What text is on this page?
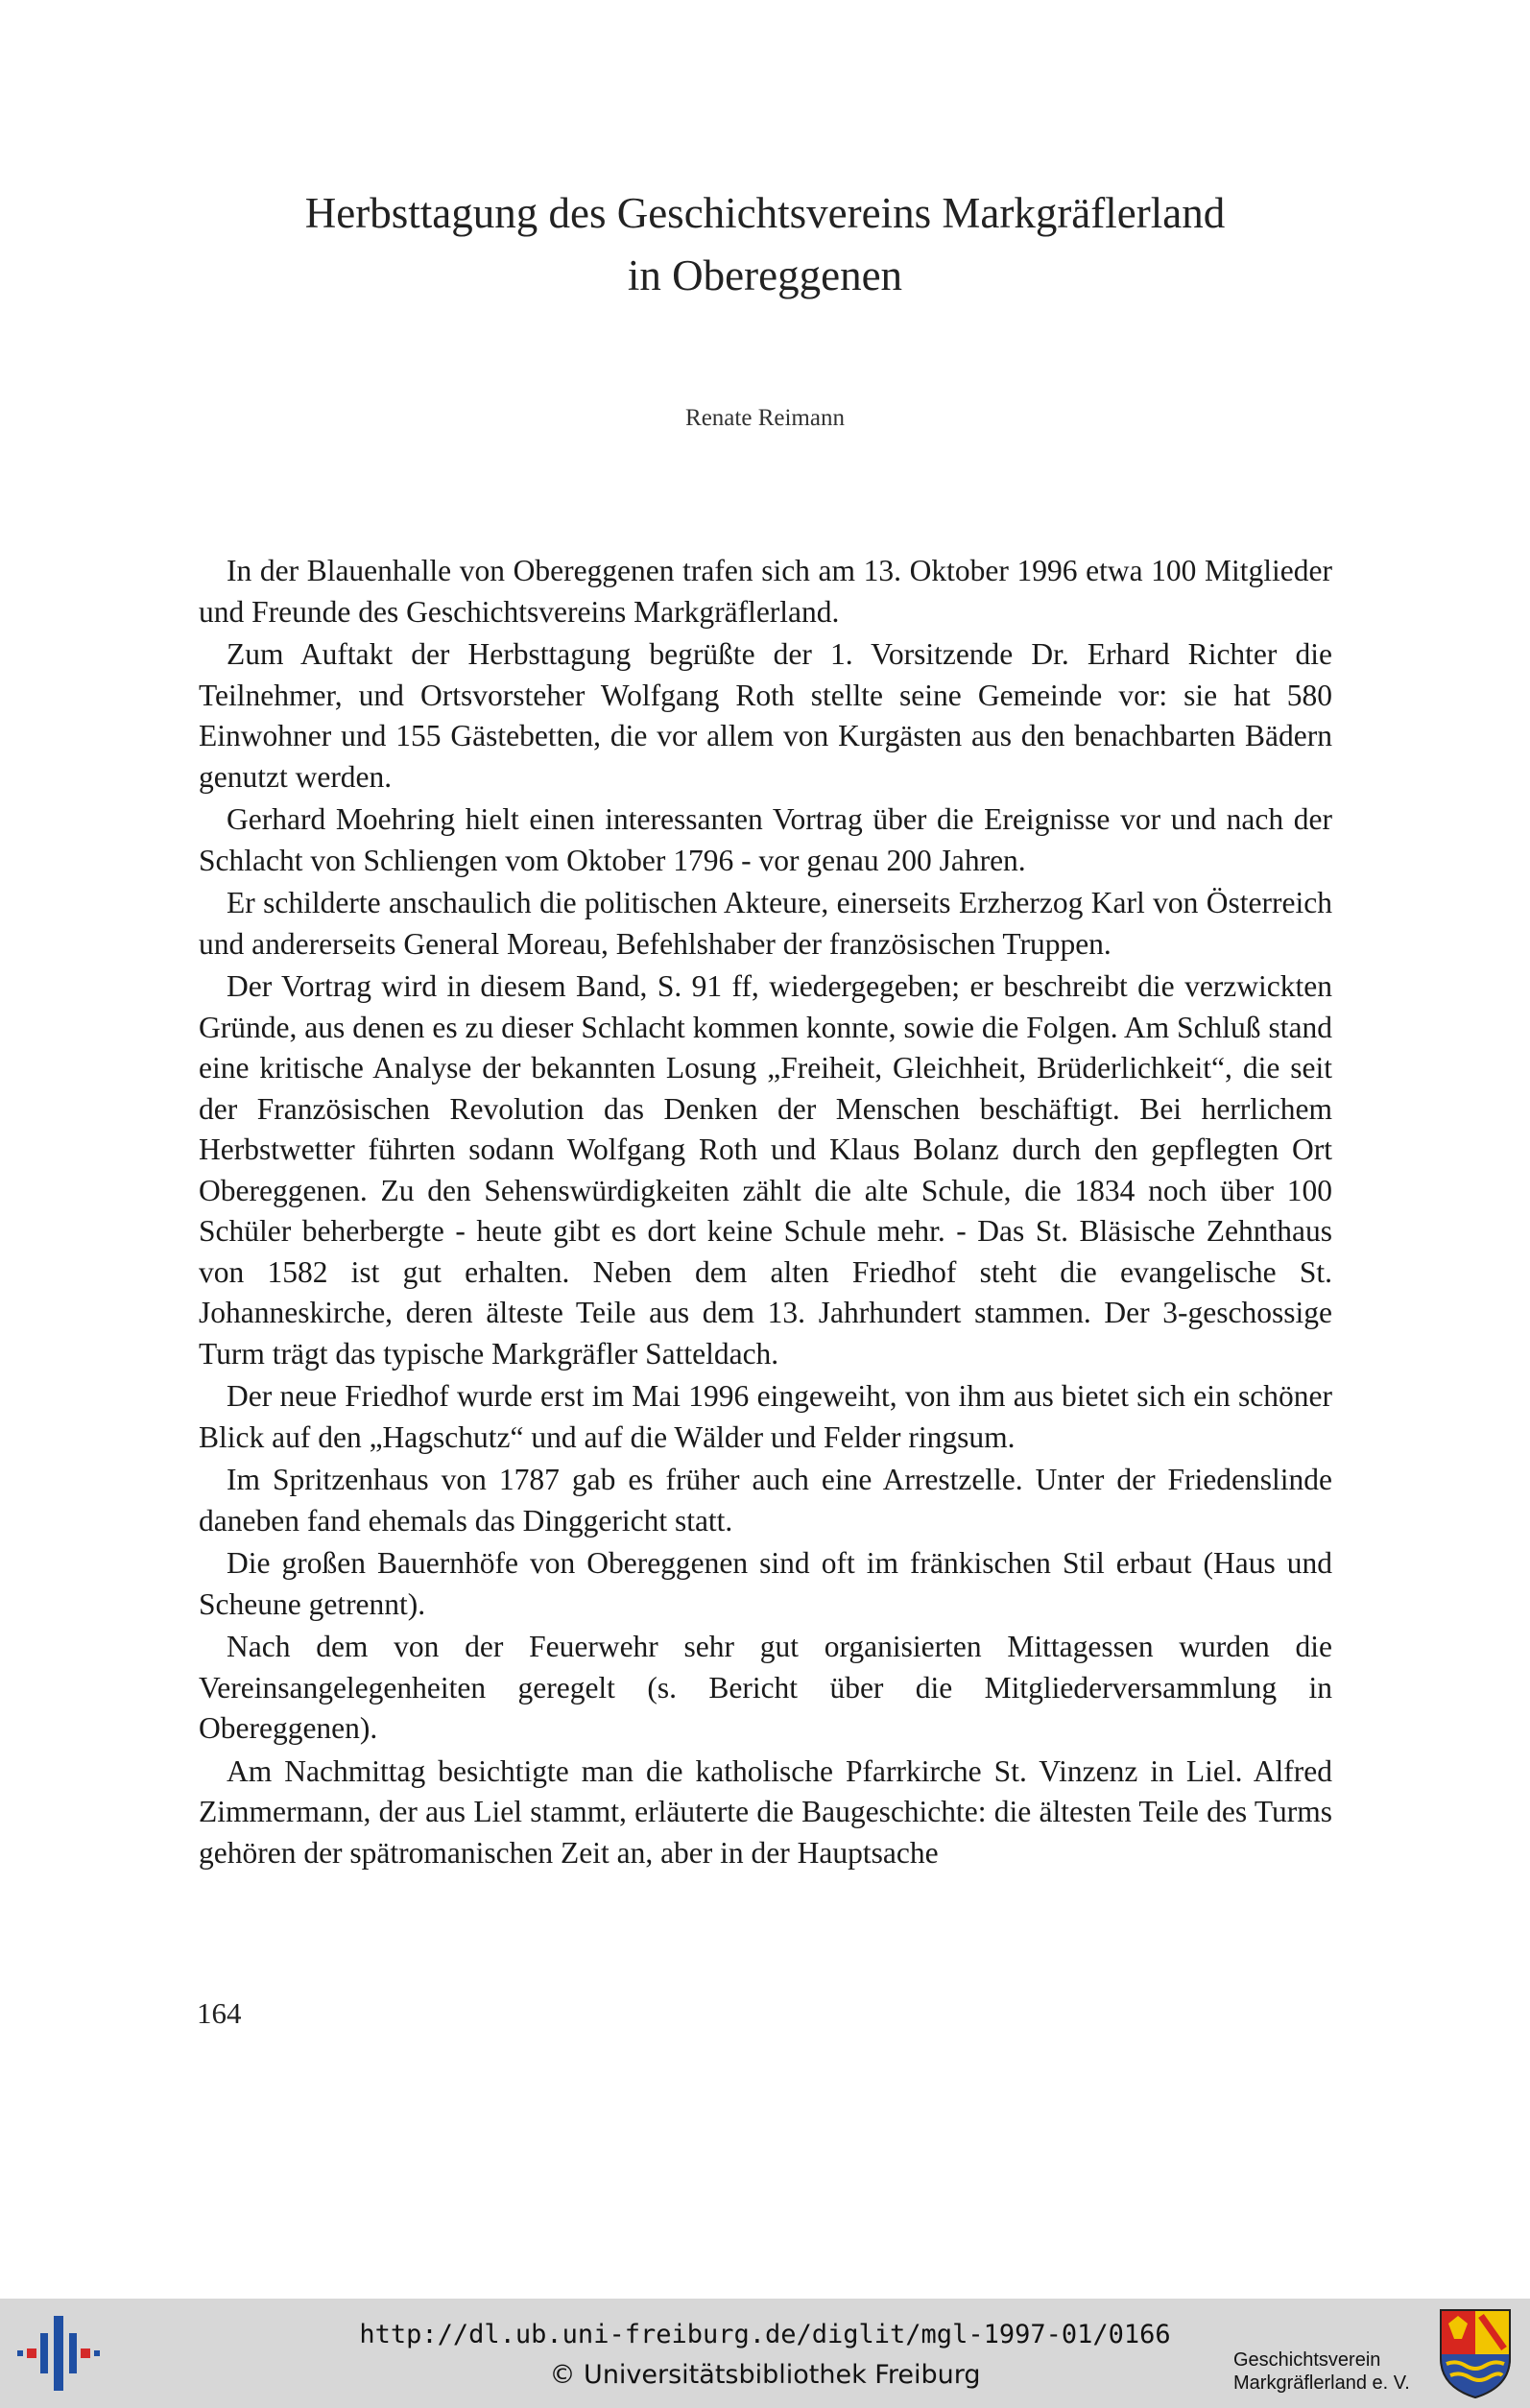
Herbsttagung des Geschichtsvereins Markgräflerland
in Obereggenen
Renate Reimann

In der Blauenhalle von Obereggenen trafen sich am 13. Oktober 1996 etwa 100 Mitglieder und Freunde des Geschichtsvereins Markgräflerland.

Zum Auftakt der Herbsttagung begrüßte der 1. Vorsitzende Dr. Erhard Richter die Teilnehmer, und Ortsvorsteher Wolfgang Roth stellte seine Gemeinde vor: sie hat 580 Einwohner und 155 Gästebetten, die vor allem von Kurgästen aus den benachbarten Bädern genutzt werden.

Gerhard Moehring hielt einen interessanten Vortrag über die Ereignisse vor und nach der Schlacht von Schliengen vom Oktober 1796 - vor genau 200 Jahren.

Er schilderte anschaulich die politischen Akteure, einerseits Erzherzog Karl von Österreich und andererseits General Moreau, Befehlshaber der französischen Truppen.

Der Vortrag wird in diesem Band, S. 91 ff, wiedergegeben; er beschreibt die verzwickten Gründe, aus denen es zu dieser Schlacht kommen konnte, sowie die Folgen. Am Schluß stand eine kritische Analyse der bekannten Losung „Freiheit, Gleichheit, Brüderlichkeit“, die seit der Französischen Revolution das Denken der Menschen beschäftigt. Bei herrlichem Herbstwetter führten sodann Wolfgang Roth und Klaus Bolanz durch den gepflegten Ort Obereggenen. Zu den Sehenswürdigkeiten zählt die alte Schule, die 1834 noch über 100 Schüler beherbergte - heute gibt es dort keine Schule mehr. - Das St. Bläsische Zehnthaus von 1582 ist gut erhalten. Neben dem alten Friedhof steht die evangelische St. Johanneskirche, deren älteste Teile aus dem 13. Jahrhundert stammen. Der 3-geschossige Turm trägt das typische Markgräfler Satteldach.

Der neue Friedhof wurde erst im Mai 1996 eingeweiht, von ihm aus bietet sich ein schöner Blick auf den „Hagschutz“ und auf die Wälder und Felder ringsum.

Im Spritzenhaus von 1787 gab es früher auch eine Arrestzelle. Unter der Friedenslinde daneben fand ehemals das Dinggericht statt.

Die großen Bauernhöfe von Obereggenen sind oft im fränkischen Stil erbaut (Haus und Scheune getrennt).

Nach dem von der Feuerwehr sehr gut organisierten Mittagessen wurden die Vereinsangelegenheiten geregelt (s. Bericht über die Mitgliederversammlung in Obereggenen).

Am Nachmittag besichtigte man die katholische Pfarrkirche St. Vinzenz in Liel. Alfred Zimmermann, der aus Liel stammt, erläuterte die Baugeschichte: die ältesten Teile des Turms gehören der spätromanischen Zeit an, aber in der Hauptsache

164
http://dl.ub.uni-freiburg.de/diglit/mgl-1997-01/0166
© Universitätsbibliothek Freiburg	Geschichtsverein
Markgräflerland e. V.
